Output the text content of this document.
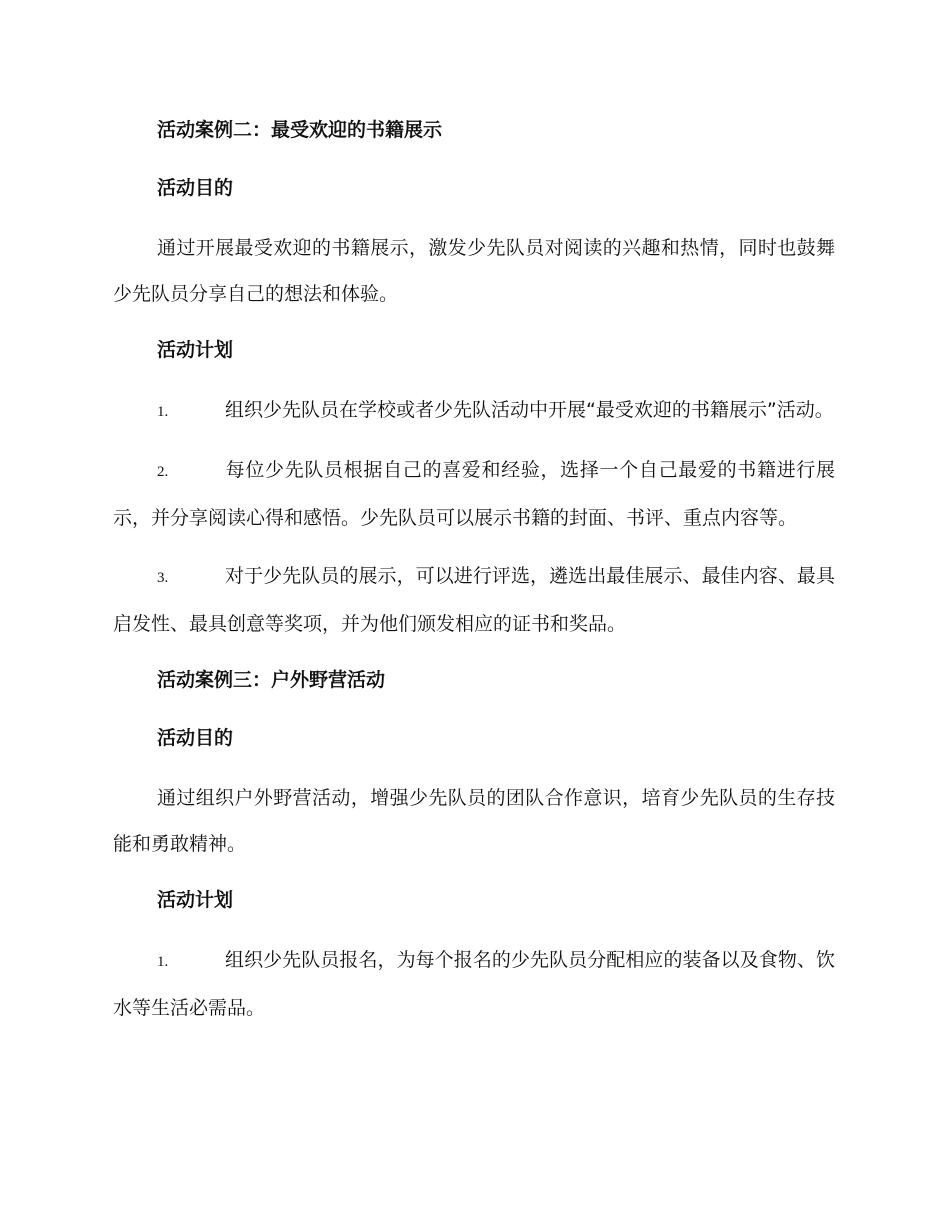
活动案例二：最受欢迎的书籍展示
活动目的
通过开展最受欢迎的书籍展示，激发少先队员对阅读的兴趣和热情，同时也鼓舞少先队员分享自己的想法和体验。
活动计划
1.	组织少先队员在学校或者少先队活动中开展“最受欢迎的书籍展示”活动。
2.	每位少先队员根据自己的喜爱和经验，选择一个自己最爱的书籍进行展示，并分享阅读心得和感悟。少先队员可以展示书籍的封面、书评、重点内容等。
3.	对于少先队员的展示，可以进行评选，遴选出最佳展示、最佳内容、最具启发性、最具创意等奖项，并为他们颁发相应的证书和奖品。
活动案例三：户外野营活动
活动目的
通过组织户外野营活动，增强少先队员的团队合作意识，培育少先队员的生存技能和勇敢精神。
活动计划
1.	组织少先队员报名，为每个报名的少先队员分配相应的装备以及食物、饮水等生活必需品。
